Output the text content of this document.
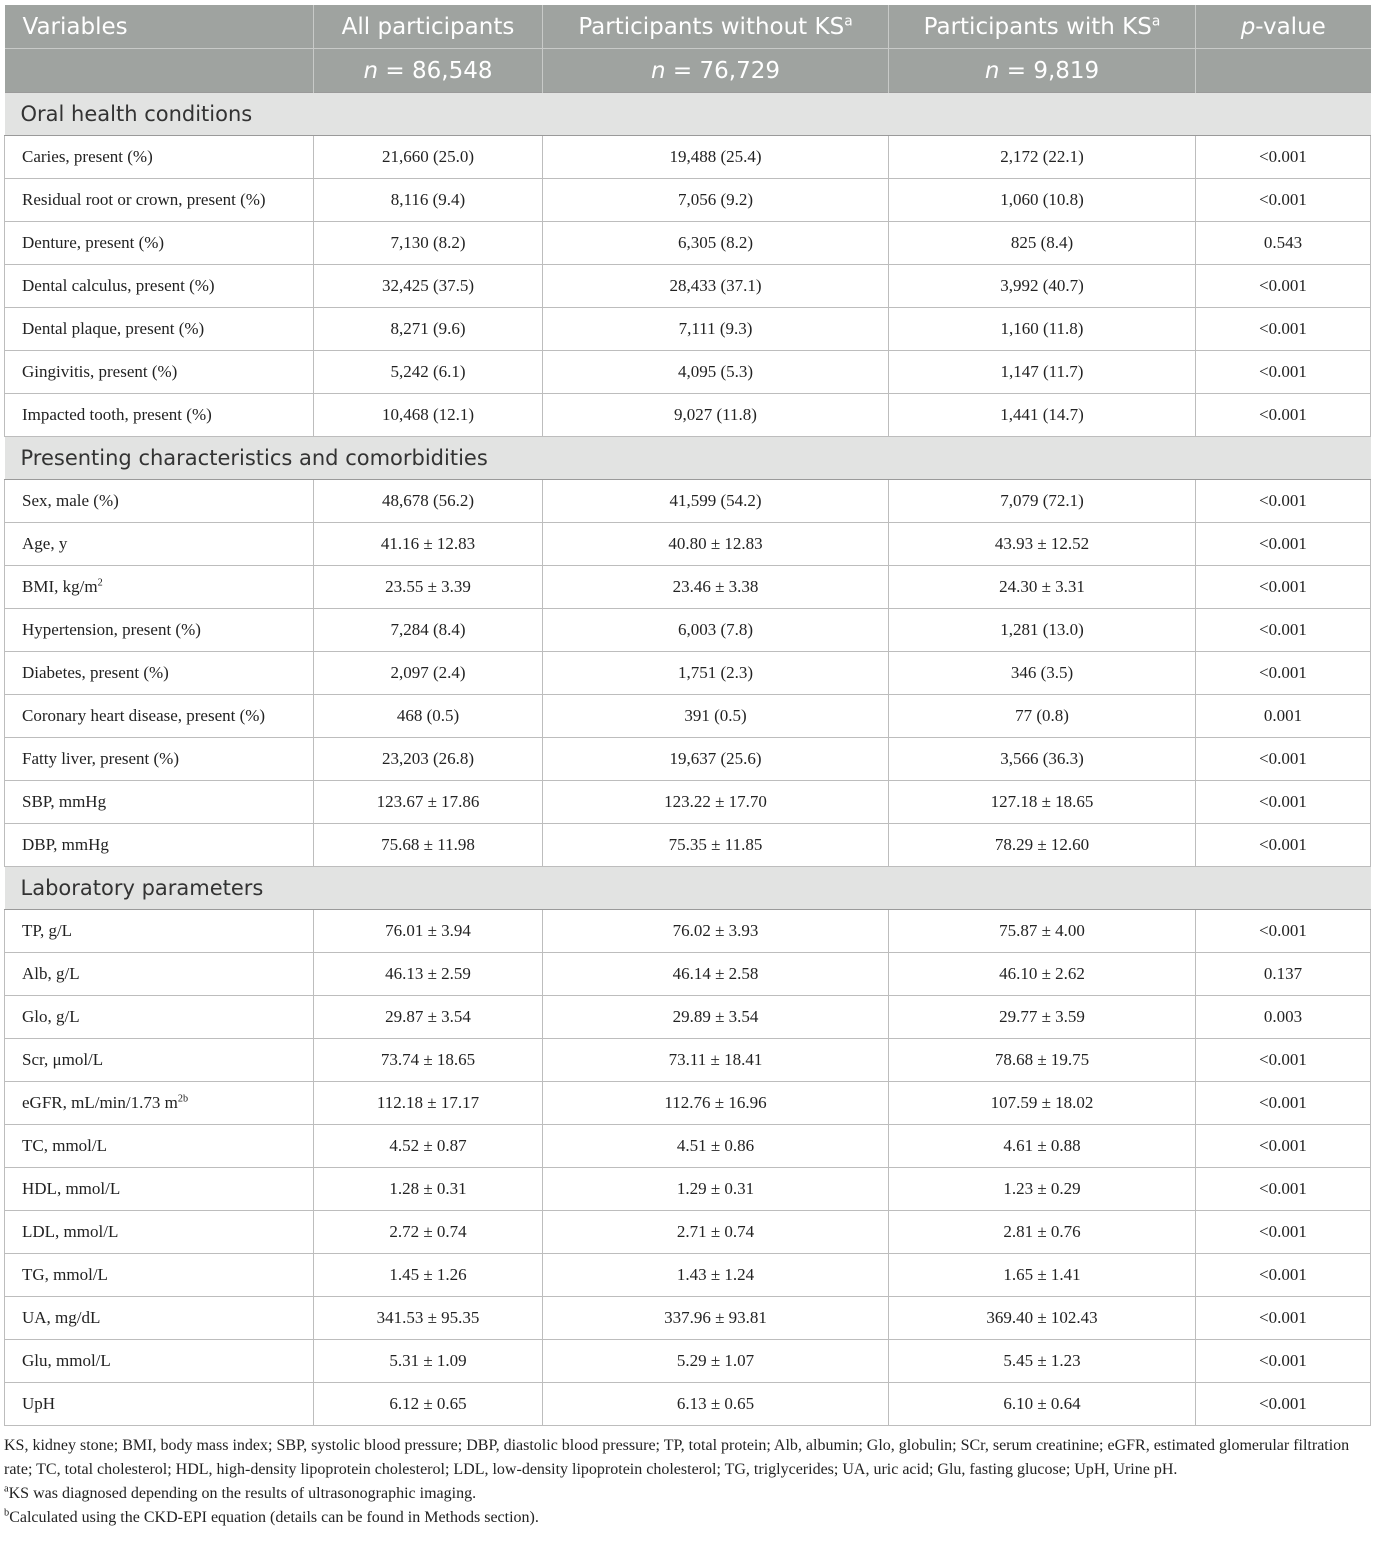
Variables	All participants	Participants without $KS^a$	Participants with $KS^a$	p-value
	n = 86,548	n = 76,729	n = 9,819	
Oral health conditions				
Caries, present (%)	21,660 (25.0)	19,488 (25.4)	2,172 (22.1)	<0.001
Residual root or crown, present (%)	8,116 (9.4)	7,056 (9.2)	1,060 (10.8)	<0.001
Denture, present (%)	7,130 (8.2)	6,305 (8.2)	825 (8.4)	0.543
Dental calculus, present (%)	32,425 (37.5)	28,433 (37.1)	3,992 (40.7)	<0.001
Dental plaque, present (%)	8,271 (9.6)	7,111 (9.3)	1,160 (11.8)	<0.001
Gingivitis, present (%)	5,242 (6.1)	4,095 (5.3)	1,147 (11.7)	<0.001
Impacted tooth, present (%)	10,468 (12.1)	9,027 (11.8)	1,441 (14.7)	<0.001
Presenting characteristics and comorbidities				
Sex, male (%)	48,678 (56.2)	41,599 (54.2)	7,079 (72.1)	<0.001
Age, y	41.16 ± 12.83	40.80 ± 12.83	43.93 ± 12.52	<0.001
BMI, $kg/m^2$	23.55 ± 3.39	23.46 ± 3.38	24.30 ± 3.31	<0.001
Hypertension, present (%)	7,284 (8.4)	6,003 (7.8)	1,281 (13.0)	<0.001
Diabetes, present (%)	2,097 (2.4)	1,751 (2.3)	346 (3.5)	<0.001
Coronary heart disease, present (%)	468 (0.5)	391 (0.5)	77 (0.8)	0.001
Fatty liver, present (%)	23,203 (26.8)	19,637 (25.6)	3,566 (36.3)	<0.001
SBP, mmHg	123.67 ± 17.86	123.22 ± 17.70	127.18 ± 18.65	<0.001
DBP, mmHg	75.68 ± 11.98	75.35 ± 11.85	78.29 ± 12.60	<0.001
Laboratory parameters				
TP, g/L	76.01 ± 3.94	76.02 ± 3.93	75.87 ± 4.00	<0.001
Alb, g/L	46.13 ± 2.59	46.14 ± 2.58	46.10 ± 2.62	0.137
Glo, g/L	29.87 ± 3.54	29.89 ± 3.54	29.77 ± 3.59	0.003
Scr, μmol/L	73.74 ± 18.65	73.11 ± 18.41	78.68 ± 19.75	<0.001
eGFR, mL/min/1.73 $m^{2b}$	112.18 ± 17.17	112.76 ± 16.96	107.59 ± 18.02	<0.001
TC, mmol/L	4.52 ± 0.87	4.51 ± 0.86	4.61 ± 0.88	<0.001
HDL, mmol/L	1.28 ± 0.31	1.29 ± 0.31	1.23 ± 0.29	<0.001
LDL, mmol/L	2.72 ± 0.74	2.71 ± 0.74	2.81 ± 0.76	<0.001
TG, mmol/L	1.45 ± 1.26	1.43 ± 1.24	1.65 ± 1.41	<0.001
UA, mg/dL	341.53 ± 95.35	337.96 ± 93.81	369.40 ± 102.43	<0.001
Glu, mmol/L	5.31 ± 1.09	5.29 ± 1.07	5.45 ± 1.23	<0.001
UpH	6.12 ± 0.65	6.13 ± 0.65	6.10 ± 0.64	<0.001

KS, kidney stone; BMI, body mass index; SBP, systolic blood pressure; DBP, diastolic blood pressure; TP, total protein; Alb, albumin; Glo, globulin; SCr, serum creatinine; eGFR, estimated glomerular filtration rate; TC, total cholesterol; HDL, high-density lipoprotein cholesterol; LDL, low-density lipoprotein cholesterol; TG, triglycerides; UA, uric acid; Glu, fasting glucose; UpH, Urine pH.

$^a$KS was diagnosed depending on the results of ultrasonographic imaging.

$^b$Calculated using the CKD-EPI equation (details can be found in Methods section).
